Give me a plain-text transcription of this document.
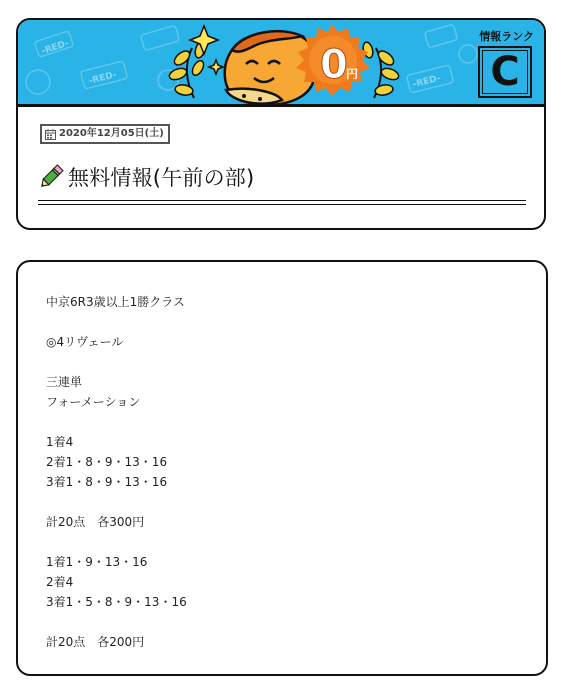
-RED-
-RED-	-RED-
0
円
情報ランク
C
2020年12月05日(土)
無料情報(午前の部)
中京6R3歳以上1勝クラス
◎4リヴェール
三連単
フォーメーション
1着4
2着1・8・9・13・16
3着1・8・9・13・16
計20点　各300円
1着1・9・13・16
2着4
3着1・5・8・9・13・16
計20点　各200円
